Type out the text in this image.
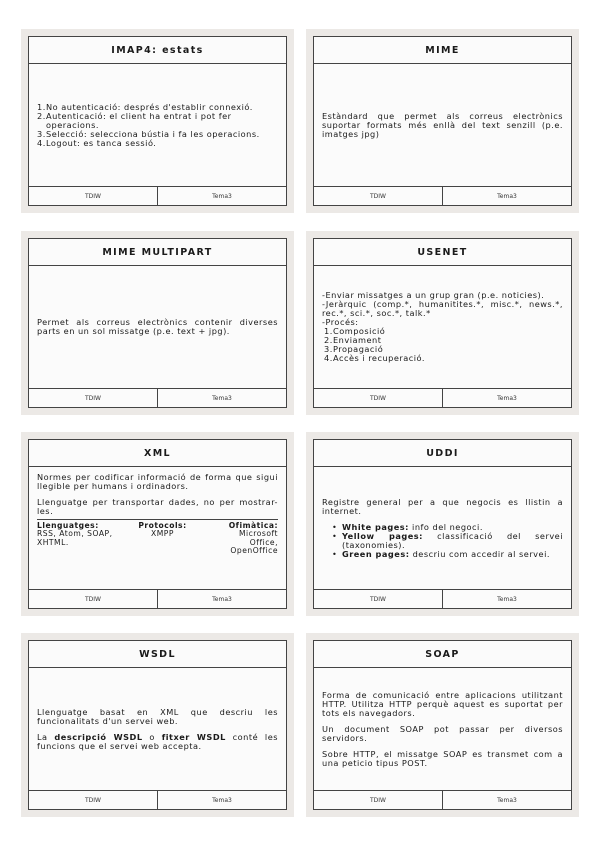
IMAP4: estats
1. No autenticació: després d'establir connexió.
2. Autenticació: el client ha entrat i pot fer operacions.
3. Selecció: selecciona bústia i fa les operacions.
4. Logout: es tanca sessió.
TDIW	Tema3
MIME

Estàndard que permet als correus electrònics suportar formats més enllà del text senzill (p.e. imatges jpg)

TDIW	Tema3
MIME MULTIPART

Permet als correus electrònics contenir diverses parts en un sol missatge (p.e. text + jpg).

TDIW	Tema3
USENET

-Enviar missatges a un grup gran (p.e. noticies).

-Jeràrquic (comp.*, humanitites.*, misc.*, news.*, rec.*, sci.*, soc.*, talk.*

-Procés:

1. Composició
2. Enviament
3. Propagació
4. Accès i recuperació.
TDIW	Tema3
XML

Normes per codificar informació de forma que sigui llegible per humans i ordinadors.

Llenguatge per transportar dades, no per mostrar-les.

Llenguatges:
RSS, Atom, SOAP, XHTML.
Protocols:
XMPP
Ofimàtica:
Microsoft Office, OpenOffice
TDIW	Tema3
UDDI

Registre general per a que negocis es llistin a internet.

• White pages: info del negoci.
• Yellow pages: classificació del servei (taxonomies).
• Green pages: descriu com accedir al servei.
TDIW	Tema3
WSDL

Llenguatge basat en XML que descriu les funcionalitats d'un servei web.

La descripció WSDL o fitxer WSDL conté les funcions que el servei web accepta.

TDIW	Tema3
SOAP

Forma de comunicació entre aplicacions utilitzant HTTP. Utilitza HTTP perquè aquest es suportat per tots els navegadors.

Un document SOAP pot passar per diversos servidors.

Sobre HTTP, el missatge SOAP es transmet com a una peticio tipus POST.

TDIW	Tema3
